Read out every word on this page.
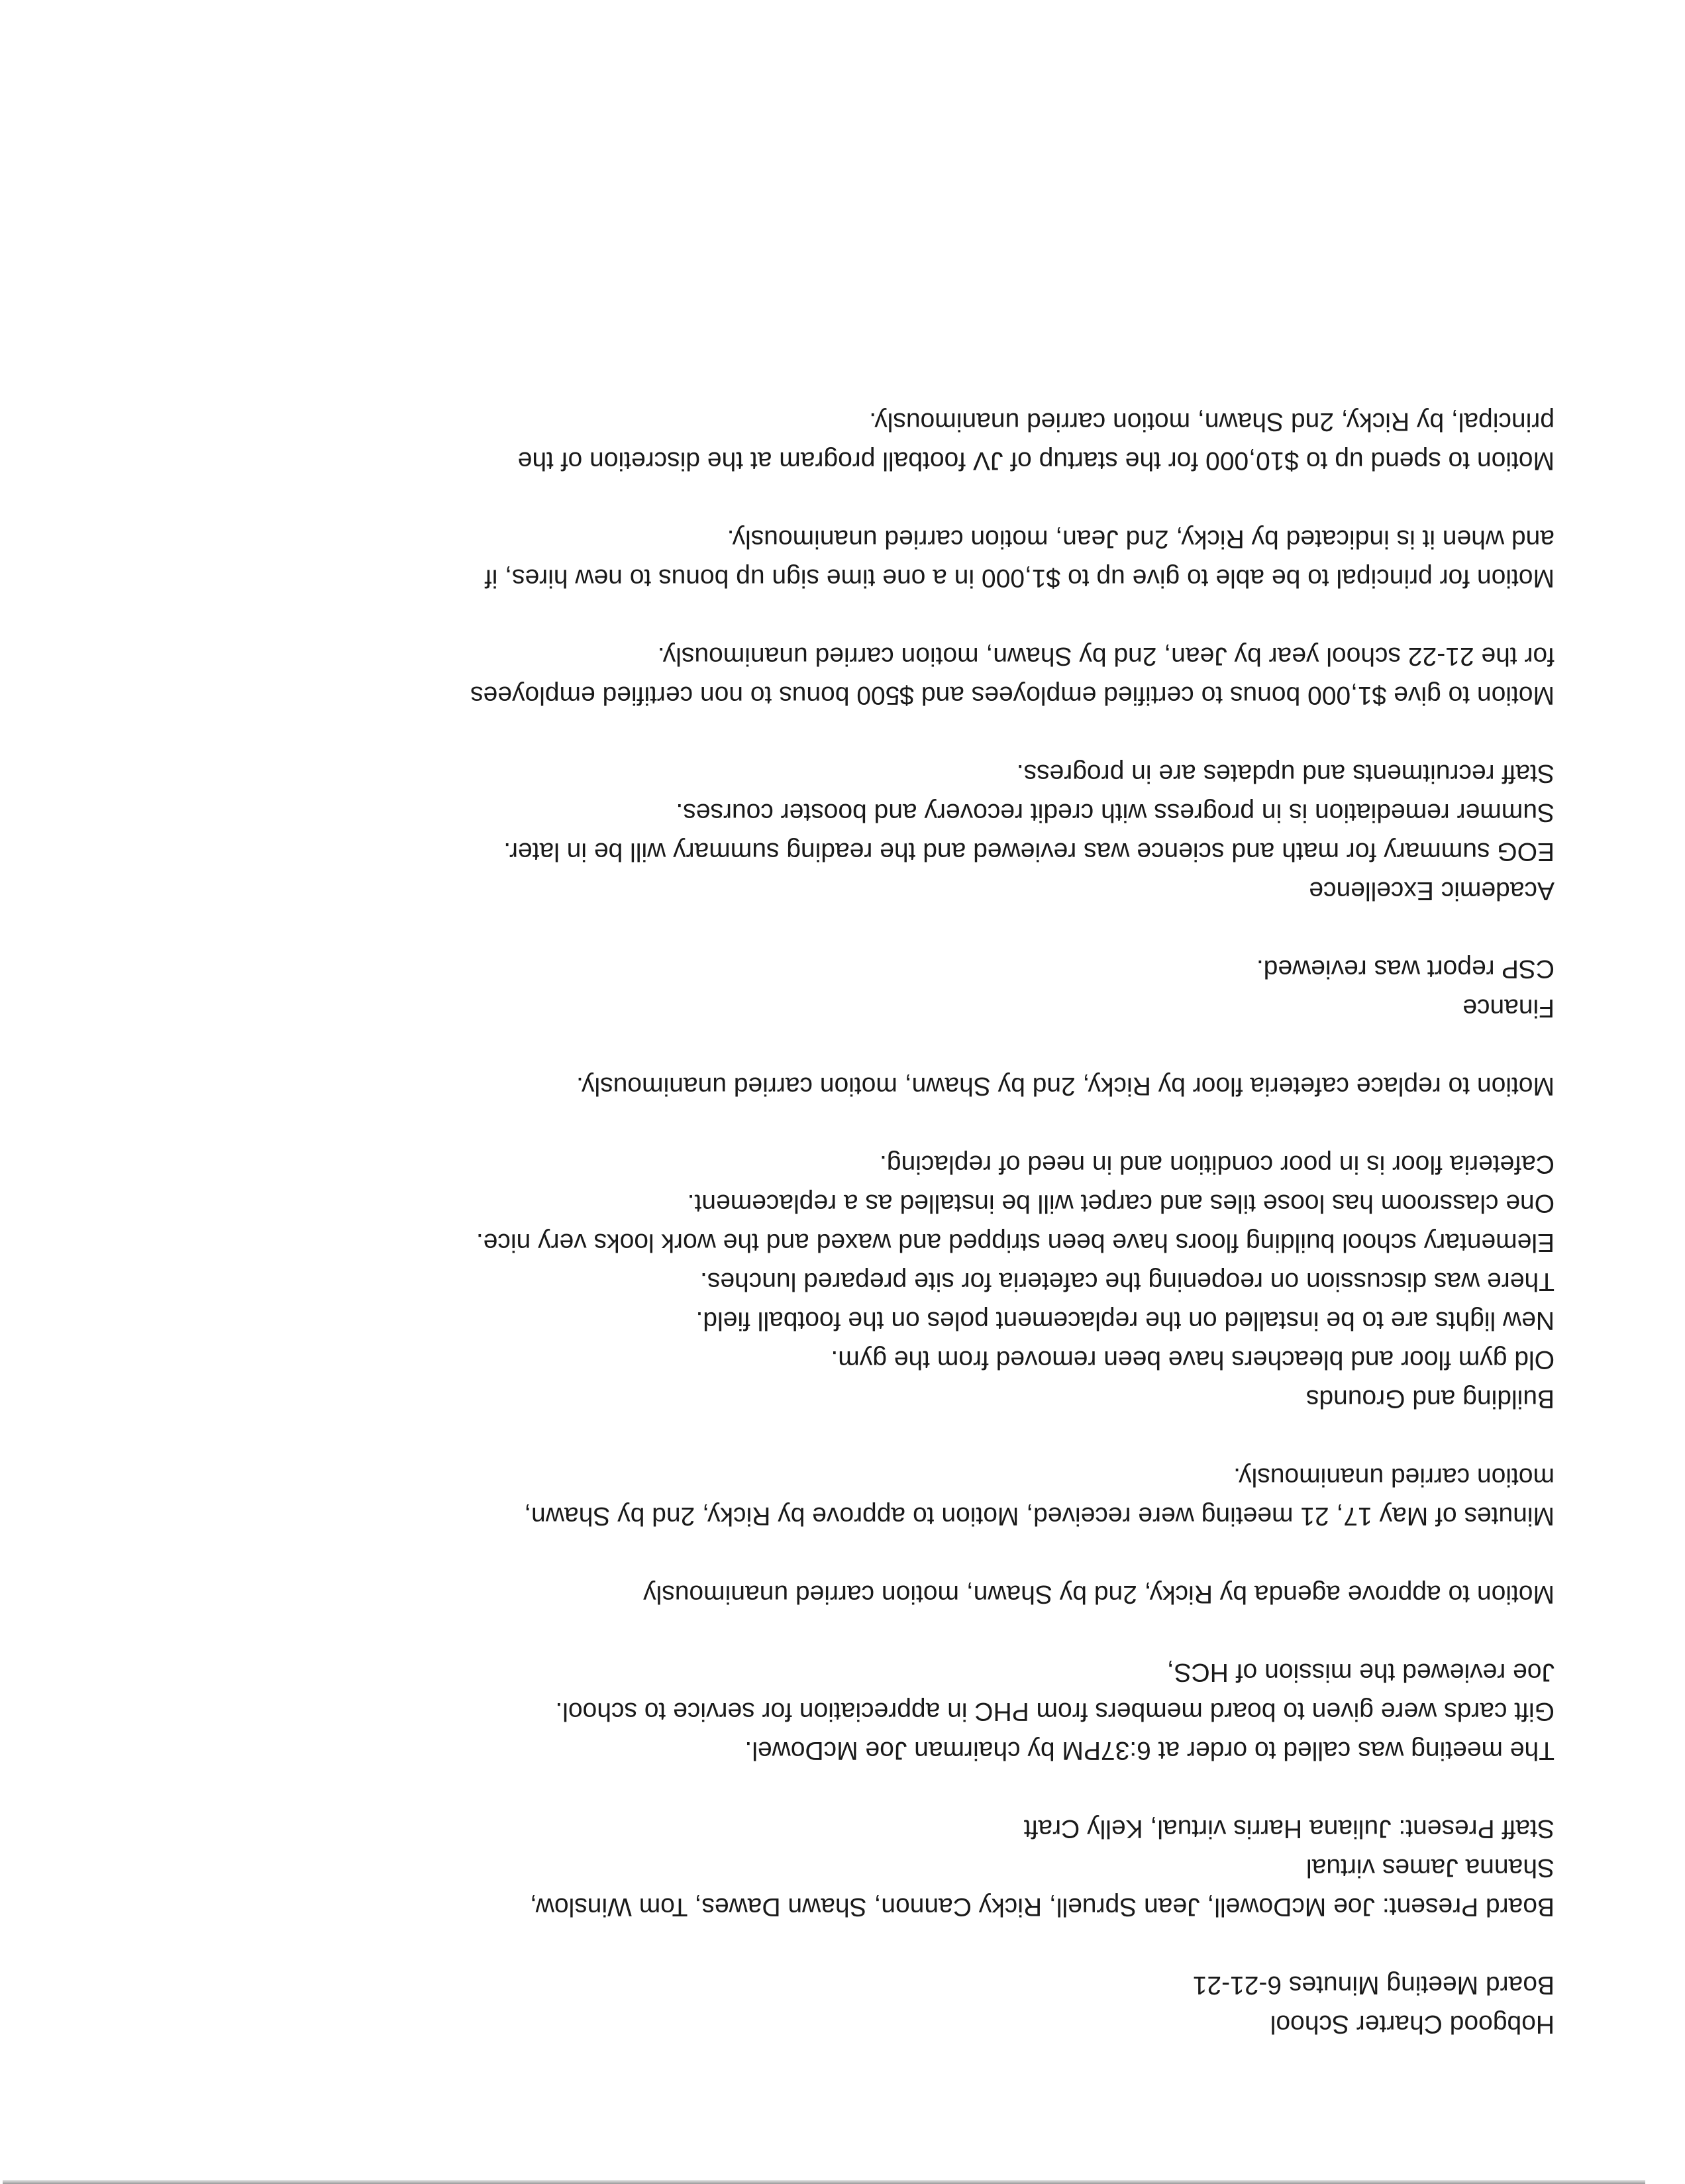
Hobgood Charter School

Board Meeting Minutes 6-21-21

Board Present: Joe McDowell, Jean Spruell, Ricky Cannon, Shawn Dawes, Tom Winslow,

Shanna James virtual

Staff Present: Juliana Harris virtual, Kelly Craft

The meeting was called to order at 6:37PM by chairman Joe McDowel.

Gift cards were given to board members from PHC in appreciation for service to school.

Joe reviewed the mission of HCS,

Motion to approve agenda by Ricky, 2nd by Shawn, motion carried unanimously

Minutes of May 17, 21 meeting were received, Motion to approve by Ricky, 2nd by Shawn,

motion carried unanimously.

Building and Grounds

Old gym floor and bleachers have been removed from the gym.

New lights are to be installed on the replacement poles on the football field.

There was discussion on reopening the cafeteria for site prepared lunches.

Elementary school building floors have been stripped and waxed and the work looks very nice.

One classroom has loose tiles and carpet will be installed as a replacement.

Cafeteria floor is in poor condition and in need of replacing.

Motion to replace cafeteria floor by Ricky, 2nd by Shawn, motion carried unanimously.

Finance

CSP report was reviewed.

Academic Excellence

EOG summary for math and science was reviewed and the reading summary will be in later.

Summer remediation is in progress with credit recovery and booster courses.

Staff recruitments and updates are in progress.

Motion to give $1,000 bonus to certified employees and $500 bonus to non certified employees

for the 21-22 school year by Jean, 2nd by Shawn, motion carried unanimously.

Motion for principal to be able to give up to $1,000 in a one time sign up bonus to new hires, if

and when it is indicated by Ricky, 2nd Jean, motion carried unanimously.

Motion to spend up to $10,000 for the startup of JV football program at the discretion of the

principal, by Ricky, 2nd Shawn, motion carried unanimously.
